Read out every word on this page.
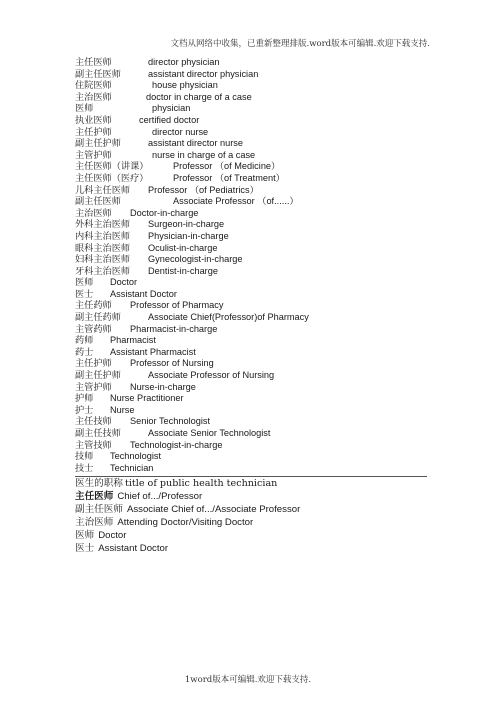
文档从网络中收集，已重新整理排版.word版本可编辑.欢迎下载支持.
主任医师	director physician
副主任医师	assistant director physician
住院医师	house physician
主治医师	doctor in charge of a case
医师	physician
执业医师	certified doctor
主任护师	director nurse
副主任护师	assistant director nurse
主管护师	nurse in charge of a case
主任医师（讲课）	Professor （of Medicine）
主任医师（医疗）	Professor （of Treatment）
儿科主任医师 Professor （of Pediatrics）
副主任医师	Associate Professor （of......）
主治医师 Doctor-in-charge
外科主治医师 Surgeon-in-charge
内科主治医师 Physician-in-charge
眼科主治医师 Oculist-in-charge
妇科主治医师 Gynecologist-in-charge
牙科主治医师 Dentist-in-charge
医师 Doctor
医士 Assistant Doctor
主任药师 Professor of Pharmacy
副主任药师	Associate Chief(Professor)of Pharmacy
主管药师 Pharmacist-in-charge
药师 Pharmacist
药士 Assistant Pharmacist
主任护师 Professor of Nursing
副主任护师	Associate Professor of Nursing
主管护师 Nurse-in-charge
护师 Nurse Practitioner
护士 Nurse
主任技师 Senior Technologist
副主任技师	Associate Senior Technologist
主管技师 Technologist-in-charge
技师 Technologist
技士 Technician
医生的职称 title of public health technician
主任医师 Chief of.../Professor
副主任医师 Associate Chief of.../Associate Professor
主治医师 Attending Doctor/Visiting Doctor
医师 Doctor
医士 Assistant Doctor
1word版本可编辑.欢迎下载支持.
